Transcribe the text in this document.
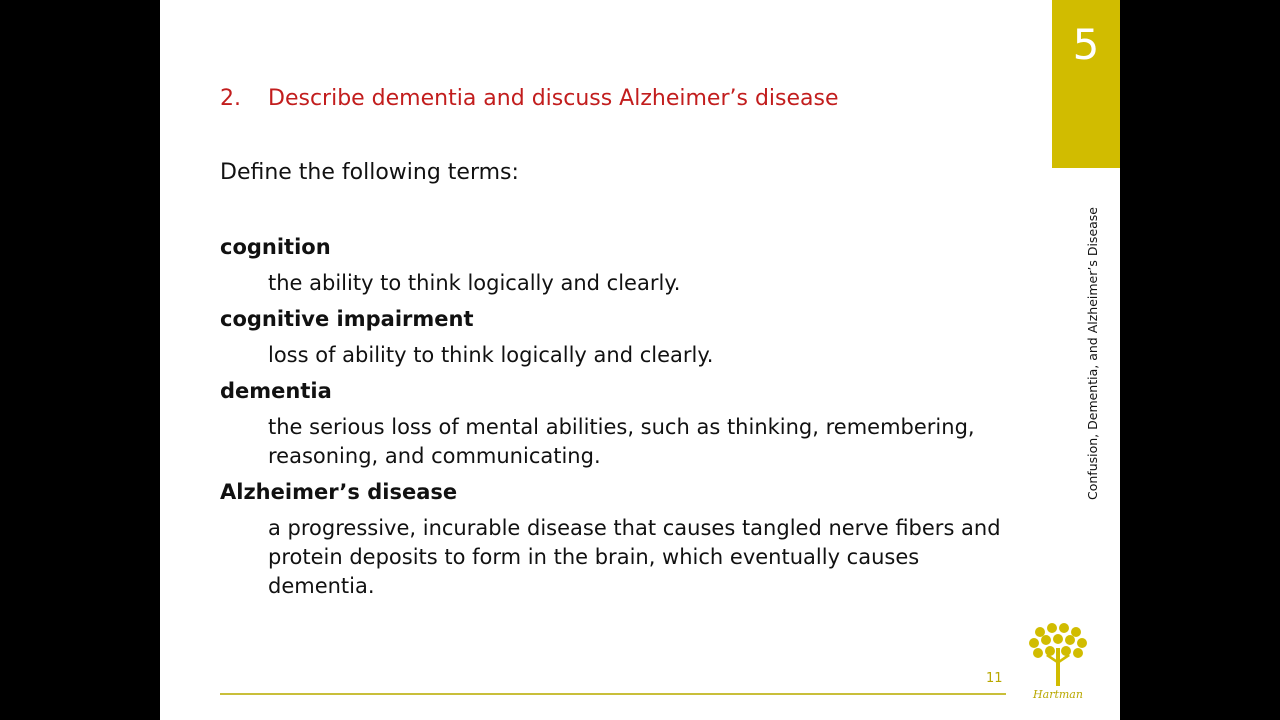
5
Confusion, Dementia, and Alzheimer’s Disease
2. Describe dementia and discuss Alzheimer’s disease
Define the following terms:
cognition
the ability to think logically and clearly.
cognitive impairment
loss of ability to think logically and clearly.
dementia
the serious loss of mental abilities, such as thinking, remembering, reasoning, and communicating.
Alzheimer’s disease
a progressive, incurable disease that causes tangled nerve fibers and protein deposits to form in the brain, which eventually causes dementia.
11
Hartman
